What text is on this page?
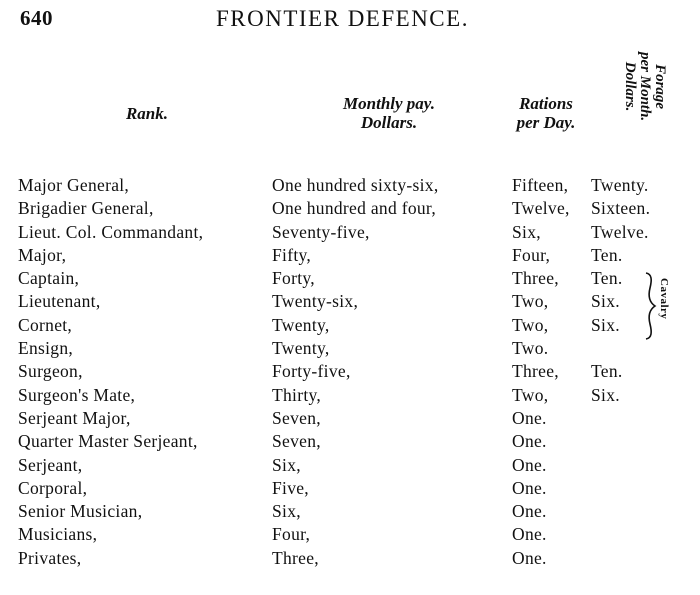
640	FRONTIER DEFENCE.
Rank.
Monthly pay.
Dollars.
Rations
per Day.
Forage
per Month.
Dollars.
Major General,	One hundred sixty-six,	Fifteen, Twenty.
Brigadier General,	One hundred and four,	Twelve, Sixteen.
Lieut. Col. Commandant,	Seventy-five,	Six,	Twelve.
Major,	Fifty,	Four, Ten.
Captain,	Forty,	Three, Ten.
Lieutenant,	Twenty-six,	Two, Six.
Cornet,	Twenty,	Two, Six.
Ensign,	Twenty,	Two.
Surgeon,	Forty-five,	Three, Ten.
Surgeon's Mate,	Thirty,	Two, Six.
Serjeant Major,	Seven,	One.
Quarter Master Serjeant,	Seven,	One.
Serjeant,	Six,	One.
Corporal,	Five,	One.
Senior Musician,	Six,	One.
Musicians,	Four,	One.
Privates,	Three,	One.
Cavalry
